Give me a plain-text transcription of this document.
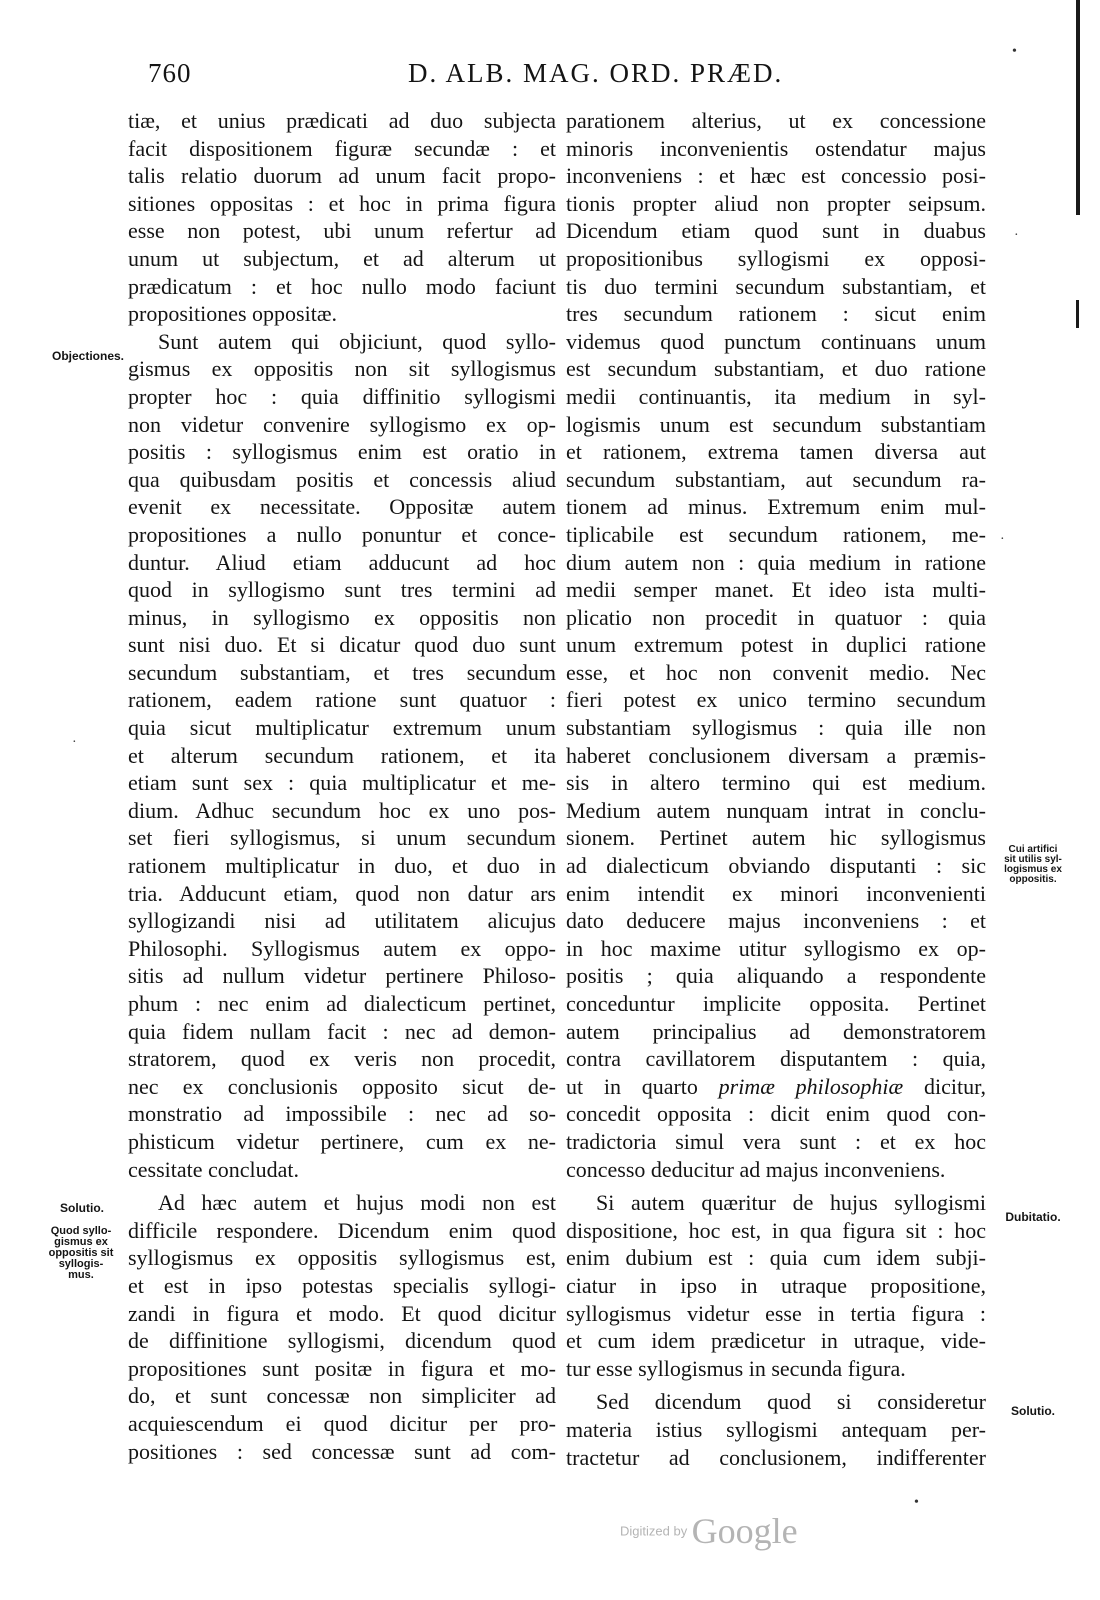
760	D. ALB. MAG. ORD. PRÆD.
tiæ, et unius prædicati ad duo subjecta
facit dispositionem figuræ secundæ : et
talis relatio duorum ad unum facit propo-
sitiones oppositas : et hoc in prima figura
esse non potest, ubi unum refertur ad
unum ut subjectum, et ad alterum ut
prædicatum : et hoc nullo modo faciunt
propositiones oppositæ.
Sunt autem qui objiciunt, quod syllo-
gismus ex oppositis non sit syllogismus
propter hoc : quia diffinitio syllogismi
non videtur convenire syllogismo ex op-
positis : syllogismus enim est oratio in
qua quibusdam positis et concessis aliud
evenit ex necessitate. Oppositæ autem
propositiones a nullo ponuntur et conce-
duntur. Aliud etiam adducunt ad hoc
quod in syllogismo sunt tres termini ad
minus, in syllogismo ex oppositis non
sunt nisi duo. Et si dicatur quod duo sunt
secundum substantiam, et tres secundum
rationem, eadem ratione sunt quatuor :
quia sicut multiplicatur extremum unum
et alterum secundum rationem, et ita
etiam sunt sex : quia multiplicatur et me-
dium. Adhuc secundum hoc ex uno pos-
set fieri syllogismus, si unum secundum
rationem multiplicatur in duo, et duo in
tria. Adducunt etiam, quod non datur ars
syllogizandi nisi ad utilitatem alicujus
Philosophi. Syllogismus autem ex oppo-
sitis ad nullum videtur pertinere Philoso-
phum : nec enim ad dialecticum pertinet,
quia fidem nullam facit : nec ad demon-
stratorem, quod ex veris non procedit,
nec ex conclusionis opposito sicut de-
monstratio ad impossibile : nec ad so-
phisticum videtur pertinere, cum ex ne-
cessitate concludat.
Ad hæc autem et hujus modi non est
difficile respondere. Dicendum enim quod
syllogismus ex oppositis syllogismus est,
et est in ipso potestas specialis syllogi-
zandi in figura et modo. Et quod dicitur
de diffinitione syllogismi, dicendum quod
propositiones sunt positæ in figura et mo-
do, et sunt concessæ non simpliciter ad
acquiescendum ei quod dicitur per pro-
positiones : sed concessæ sunt ad com-
parationem alterius, ut ex concessione
minoris inconvenientis ostendatur majus
inconveniens : et hæc est concessio posi-
tionis propter aliud non propter seipsum.
Dicendum etiam quod sunt in duabus
propositionibus syllogismi ex opposi-
tis duo termini secundum substantiam, et
tres secundum rationem : sicut enim
videmus quod punctum continuans unum
est secundum substantiam, et duo ratione
medii continuantis, ita medium in syl-
logismis unum est secundum substantiam
et rationem, extrema tamen diversa aut
secundum substantiam, aut secundum ra-
tionem ad minus. Extremum enim mul-
tiplicabile est secundum rationem, me-
dium autem non : quia medium in ratione
medii semper manet. Et ideo ista multi-
plicatio non procedit in quatuor : quia
unum extremum potest in duplici ratione
esse, et hoc non convenit medio. Nec
fieri potest ex unico termino secundum
substantiam syllogismus : quia ille non
haberet conclusionem diversam a præmis-
sis in altero termino qui est medium.
Medium autem nunquam intrat in conclu-
sionem. Pertinet autem hic syllogismus
ad dialecticum obviando disputanti : sic
enim intendit ex minori inconvenienti
dato deducere majus inconveniens : et
in hoc maxime utitur syllogismo ex op-
positis ; quia aliquando a respondente
conceduntur implicite opposita. Pertinet
autem principalius ad demonstratorem
contra cavillatorem disputantem : quia,
ut in quarto primæ philosophiæ dicitur,
concedit opposita : dicit enim quod con-
tradictoria simul vera sunt : et ex hoc
concesso deducitur ad majus inconveniens.
Si autem quæritur de hujus syllogismi
dispositione, hoc est, in qua figura sit : hoc
enim dubium est : quia cum idem subji-
ciatur in ipso in utraque propositione,
syllogismus videtur esse in tertia figura :
et cum idem prædicetur in utraque, vide-
tur esse syllogismus in secunda figura.
Sed dicendum quod si consideretur
materia istius syllogismi antequam per-
tractetur ad conclusionem, indifferenter
Objectiones.
Solutio.
Quod syllo-
gismus ex
oppositis sit
syllogis-
mus.
Cui artifici
sit utilis syl-
logismus ex
oppositis.
Dubitatio.
Solutio.
•
·
·
·
•
Digitized by Google
